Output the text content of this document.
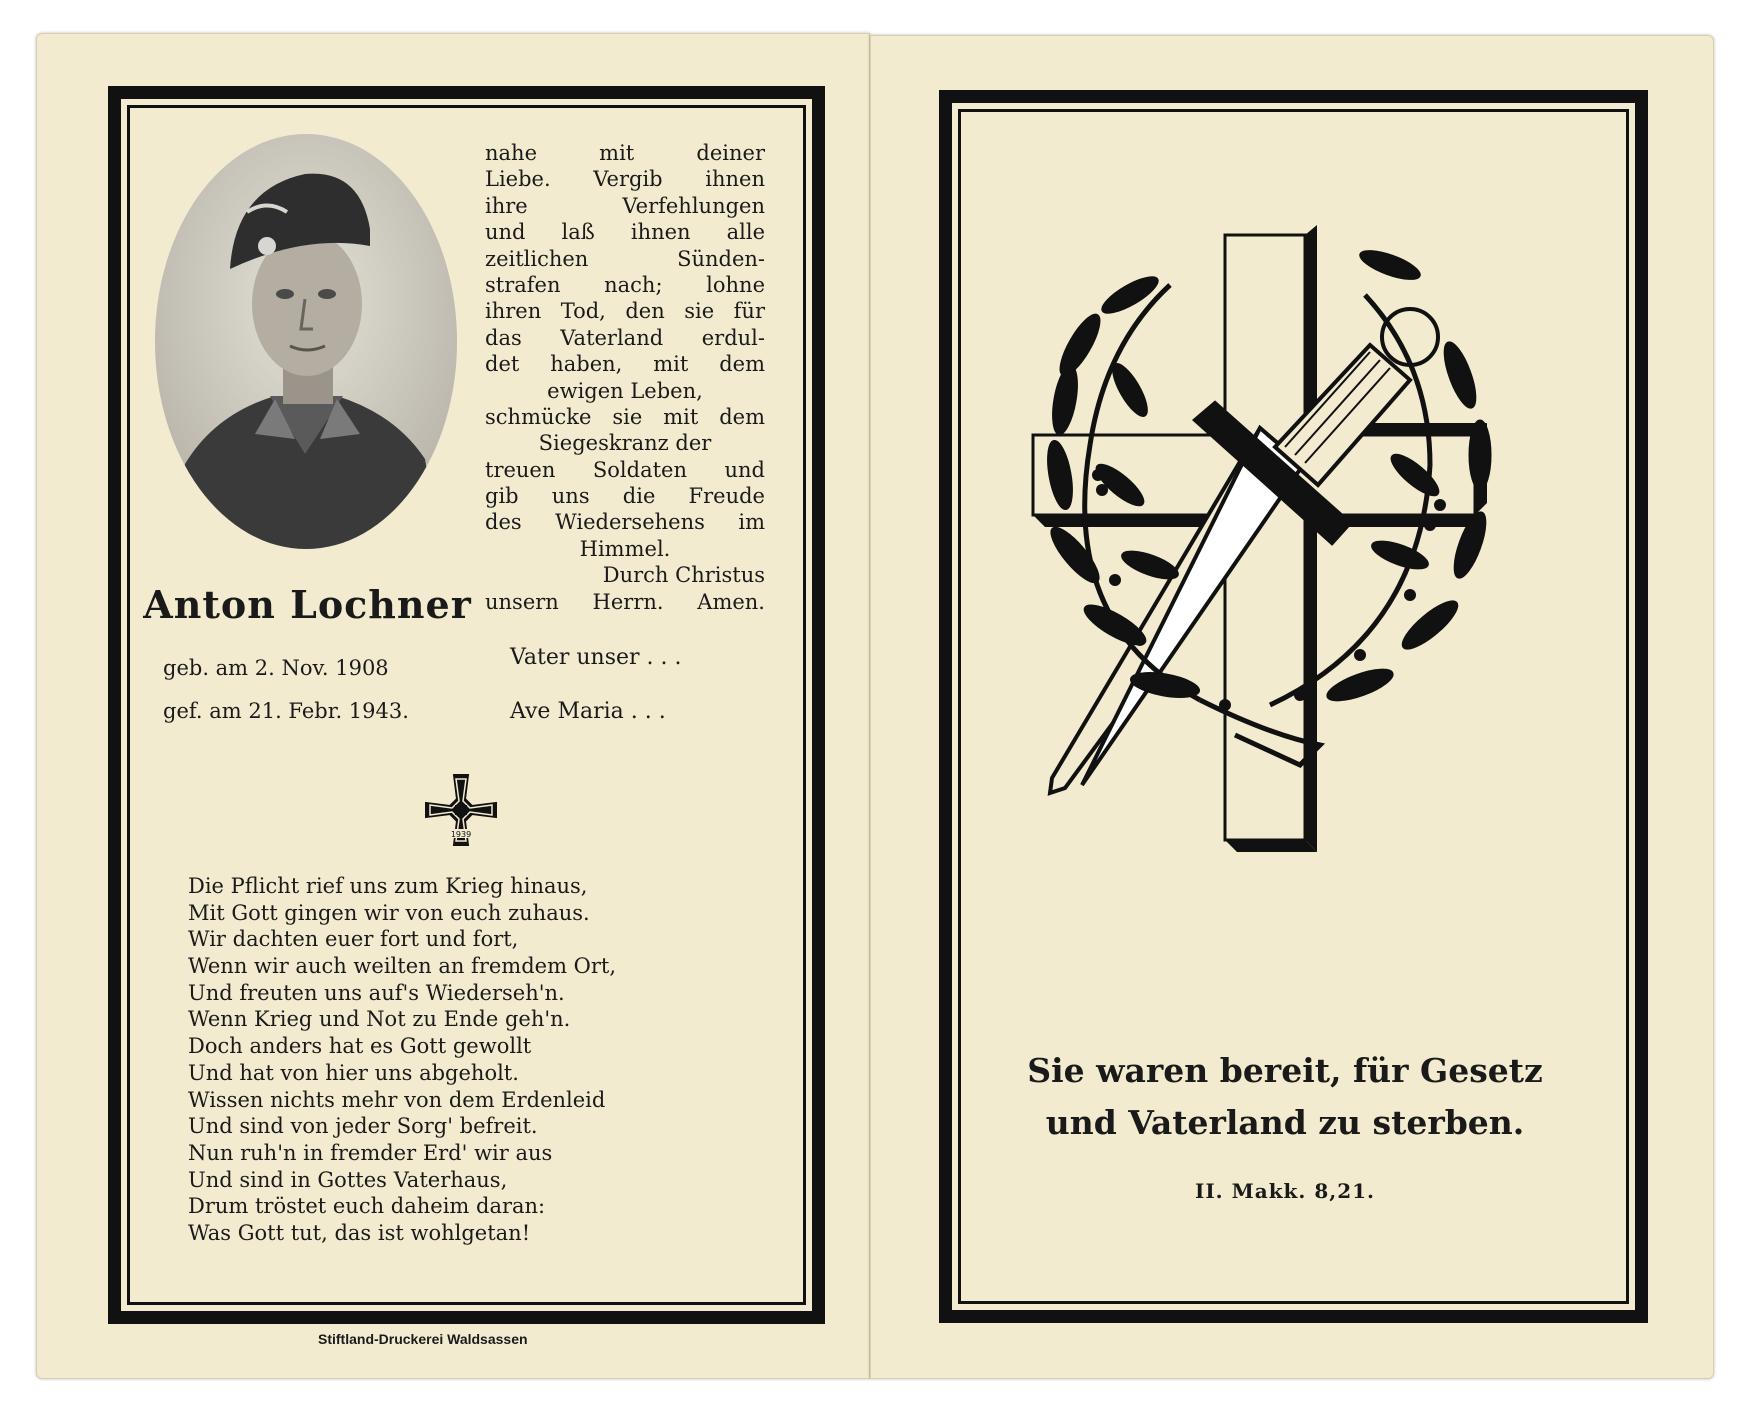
nahe mit deiner
Liebe. Vergib ihnen
ihre Verfehlungen
und laß ihnen alle
zeitlichen Sünden-
strafen nach; lohne
ihren Tod, den sie für
das Vaterland erdul-
det haben, mit dem
ewigen Leben,
schmücke sie mit dem
Siegeskranz der
treuen Soldaten und
gib uns die Freude
des Wiedersehens im
Himmel.
Durch Christus
unsern Herrn. Amen.
Anton Lochner
geb. am 2. Nov. 1908
gef. am 21. Febr. 1943.
Vater unser . . .
Ave Maria . . .
1939
Die Pflicht rief uns zum Krieg hinaus,
Mit Gott gingen wir von euch zuhaus.
Wir dachten euer fort und fort,
Wenn wir auch weilten an fremdem Ort,
Und freuten uns auf's Wiederseh'n.
Wenn Krieg und Not zu Ende geh'n.
Doch anders hat es Gott gewollt
Und hat von hier uns abgeholt.
Wissen nichts mehr von dem Erdenleid
Und sind von jeder Sorg' befreit.
Nun ruh'n in fremder Erd' wir aus
Und sind in Gottes Vaterhaus,
Drum tröstet euch daheim daran:
Was Gott tut, das ist wohlgetan!
Stiftland-Druckerei Waldsassen
Sie waren bereit, für Gesetz
und Vaterland zu sterben.
II. Makk. 8,21.
